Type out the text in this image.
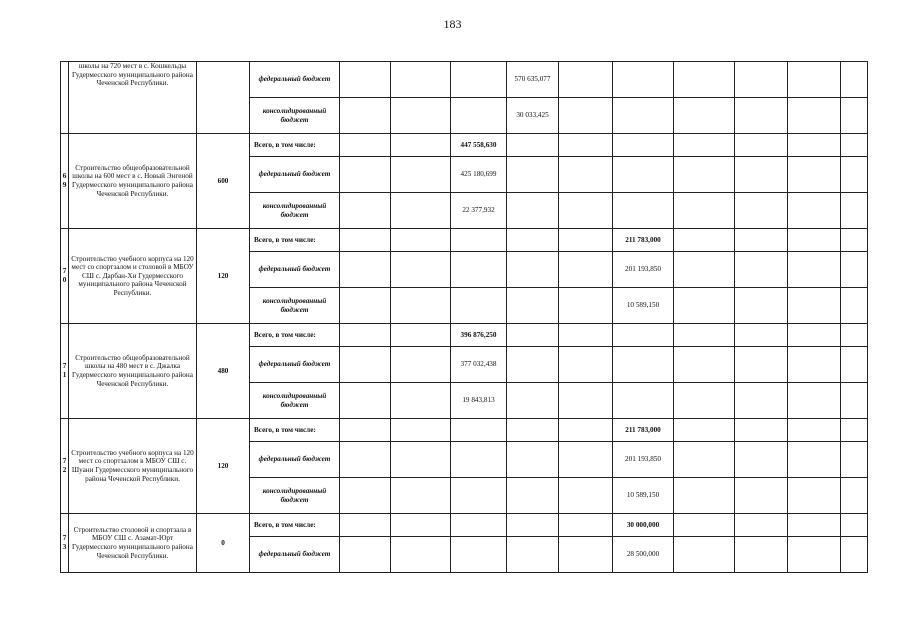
183
	школы на 720 мест в с. Кошкельды Гудермесского муниципального района Чеченской Республики.		федеральный бюджет				570 635,077						
			консолидированный бюджет				30 033,425						
6 9	Строительство общеобразовательной школы на 600 мест в с. Новый Энгеной Гудермесского муниципального района Чеченской Республики.	600	Всего, в том числе:			447 558,630							
			федеральный бюджет			425 180,699							
			консолидированный бюджет			22 377,932							
7 0	Строительство учебного корпуса на 120 мест со спортзалом и столовой в МБОУ СШ с. Дарбан-Хи Гудермесского муниципального района Чеченской Республики.	120	Всего, в том числе:						211 783,000				
			федеральный бюджет						201 193,850				
			консолидированный бюджет						10 589,150				
7 1	Строительство общеобразовательной школы на 480 мест в с. Джалка Гудермесского муниципального района Чеченской Республики.	480	Всего, в том числе:			396 876,250							
			федеральный бюджет			377 032,438							
			консолидированный бюджет			19 843,813							
7 2	Строительство учебного корпуса на 120 мест со спортзалом в МБОУ СШ с. Шуани Гудермесского муниципального района Чеченской Республики.	120	Всего, в том числе:						211 783,000				
			федеральный бюджет						201 193,850				
			консолидированный бюджет						10 589,150				
7 3	Строительство столовой и спортзала в МБОУ СШ с. Азамат-Юрт Гудермесского муниципального района Чеченской Республики.	0	Всего, в том числе:						30 000,000				
			федеральный бюджет						28 500,000				
